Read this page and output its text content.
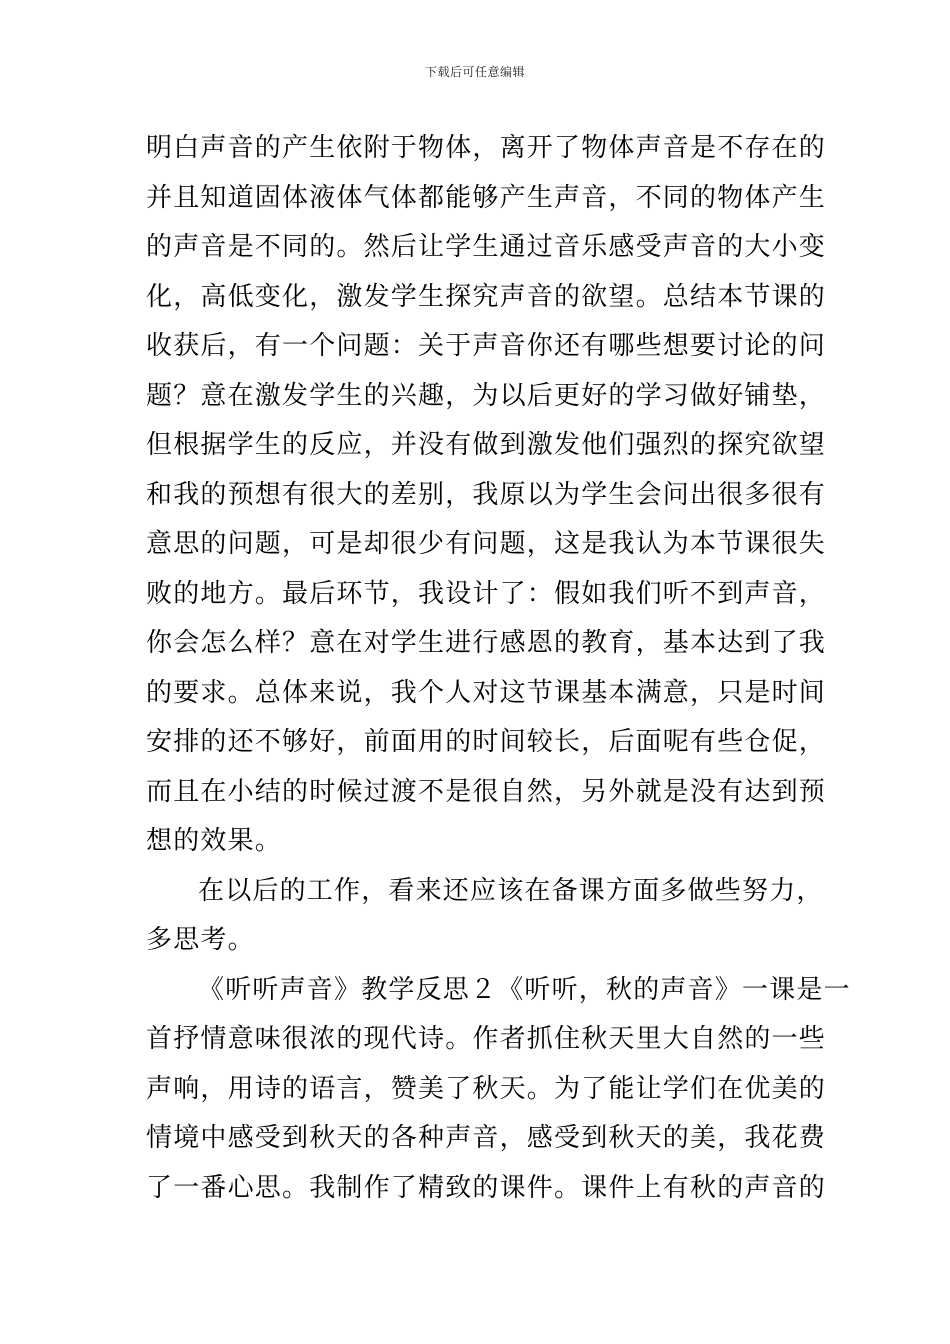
下载后可任意编辑
明白声音的产生依附于物体，离开了物体声音是不存在的
并且知道固体液体气体都能够产生声音，不同的物体产生
的声音是不同的。然后让学生通过音乐感受声音的大小变
化，高低变化，激发学生探究声音的欲望。总结本节课的
收获后，有一个问题：关于声音你还有哪些想要讨论的问
题？意在激发学生的兴趣，为以后更好的学习做好铺垫，
但根据学生的反应，并没有做到激发他们强烈的探究欲望
和我的预想有很大的差别，我原以为学生会问出很多很有
意思的问题，可是却很少有问题，这是我认为本节课很失
败的地方。最后环节，我设计了：假如我们听不到声音，
你会怎么样？意在对学生进行感恩的教育，基本达到了我
的要求。总体来说，我个人对这节课基本满意，只是时间
安排的还不够好，前面用的时间较长，后面呢有些仓促，
而且在小结的时候过渡不是很自然，另外就是没有达到预
想的效果。
在以后的工作，看来还应该在备课方面多做些努力，
多思考。
《听听声音》教学反思２《听听，秋的声音》一课是一
首抒情意味很浓的现代诗。作者抓住秋天里大自然的一些
声响，用诗的语言，赞美了秋天。为了能让学们在优美的
情境中感受到秋天的各种声音，感受到秋天的美，我花费
了一番心思。我制作了精致的课件。课件上有秋的声音的
